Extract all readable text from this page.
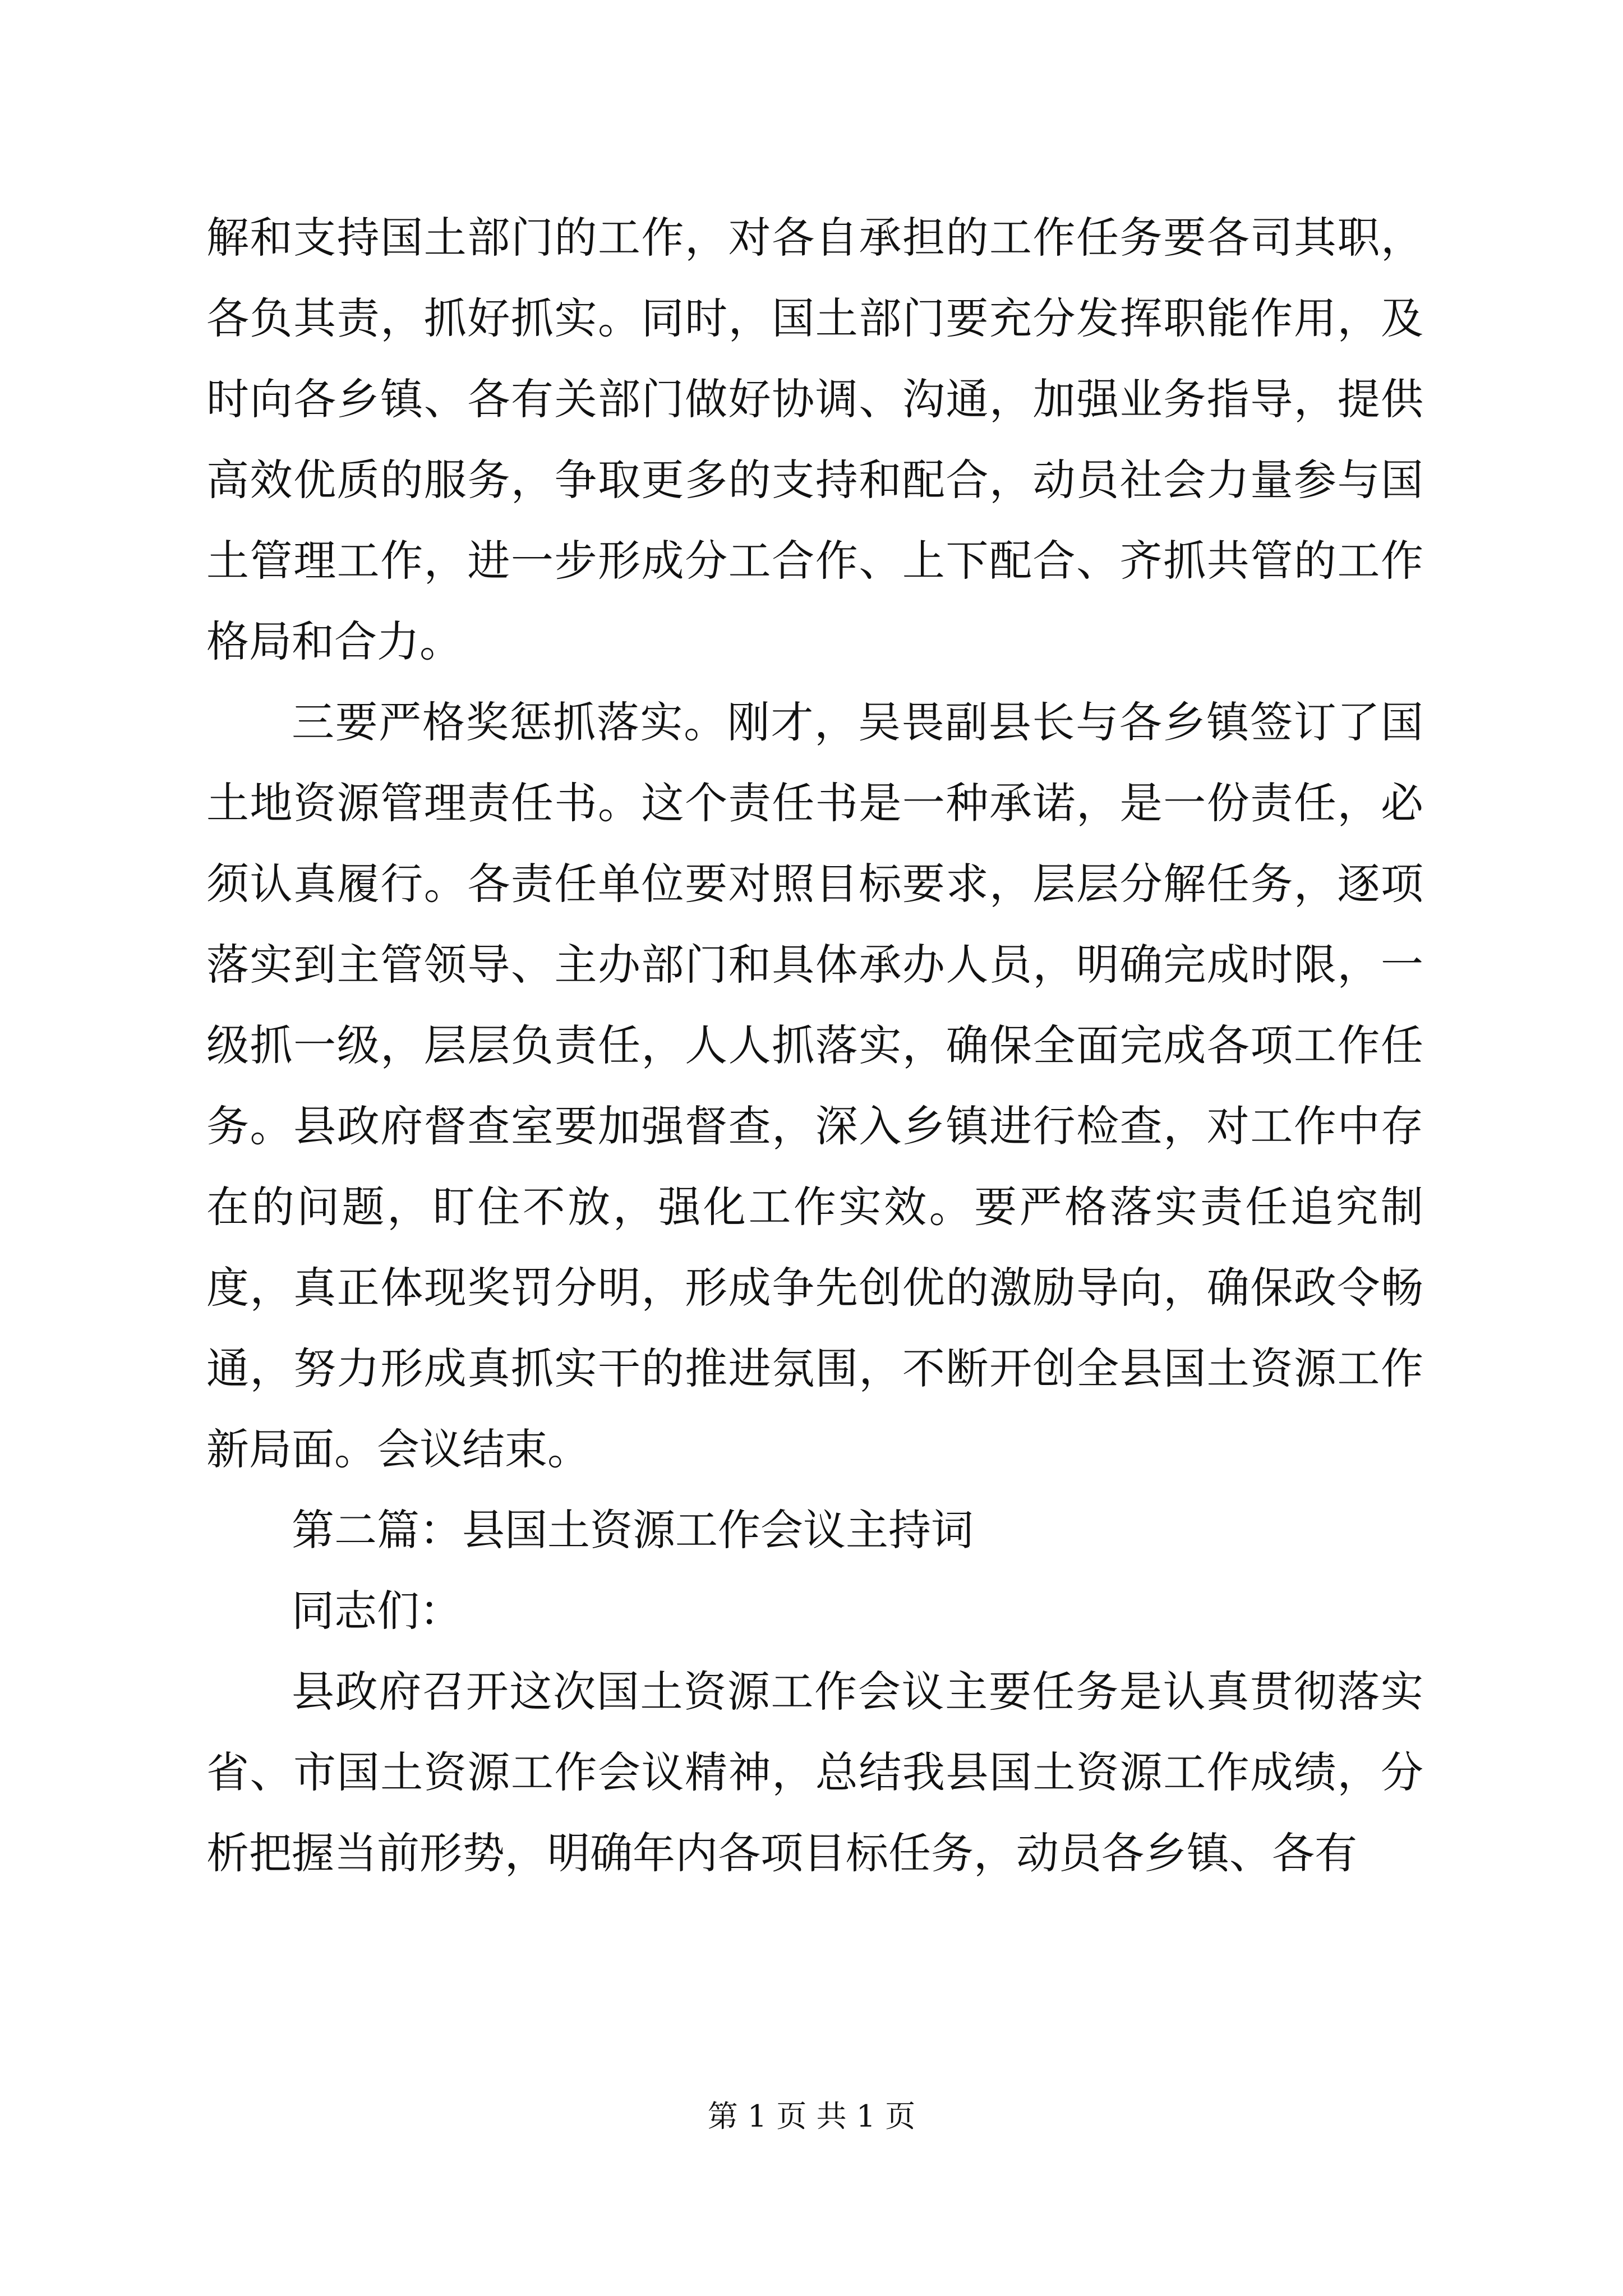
解和支持国土部门的工作，对各自承担的工作任务要各司其职，各负其责，抓好抓实。同时，国土部门要充分发挥职能作用，及时向各乡镇、各有关部门做好协调、沟通，加强业务指导，提供高效优质的服务，争取更多的支持和配合，动员社会力量参与国土管理工作，进一步形成分工合作、上下配合、齐抓共管的工作格局和合力。

三要严格奖惩抓落实。刚才，吴畏副县长与各乡镇签订了国土地资源管理责任书。这个责任书是一种承诺，是一份责任，必须认真履行。各责任单位要对照目标要求，层层分解任务，逐项落实到主管领导、主办部门和具体承办人员，明确完成时限，一级抓一级，层层负责任，人人抓落实，确保全面完成各项工作任务。县政府督查室要加强督查，深入乡镇进行检查，对工作中存在的问题，盯住不放，强化工作实效。要严格落实责任追究制度，真正体现奖罚分明，形成争先创优的激励导向，确保政令畅通，努力形成真抓实干的推进氛围，不断开创全县国土资源工作新局面。会议结束。

第二篇：县国土资源工作会议主持词

同志们：

县政府召开这次国土资源工作会议主要任务是认真贯彻落实省、市国土资源工作会议精神，总结我县国土资源工作成绩，分析把握当前形势，明确年内各项目标任务，动员各乡镇、各有

第 1 页 共 1 页
